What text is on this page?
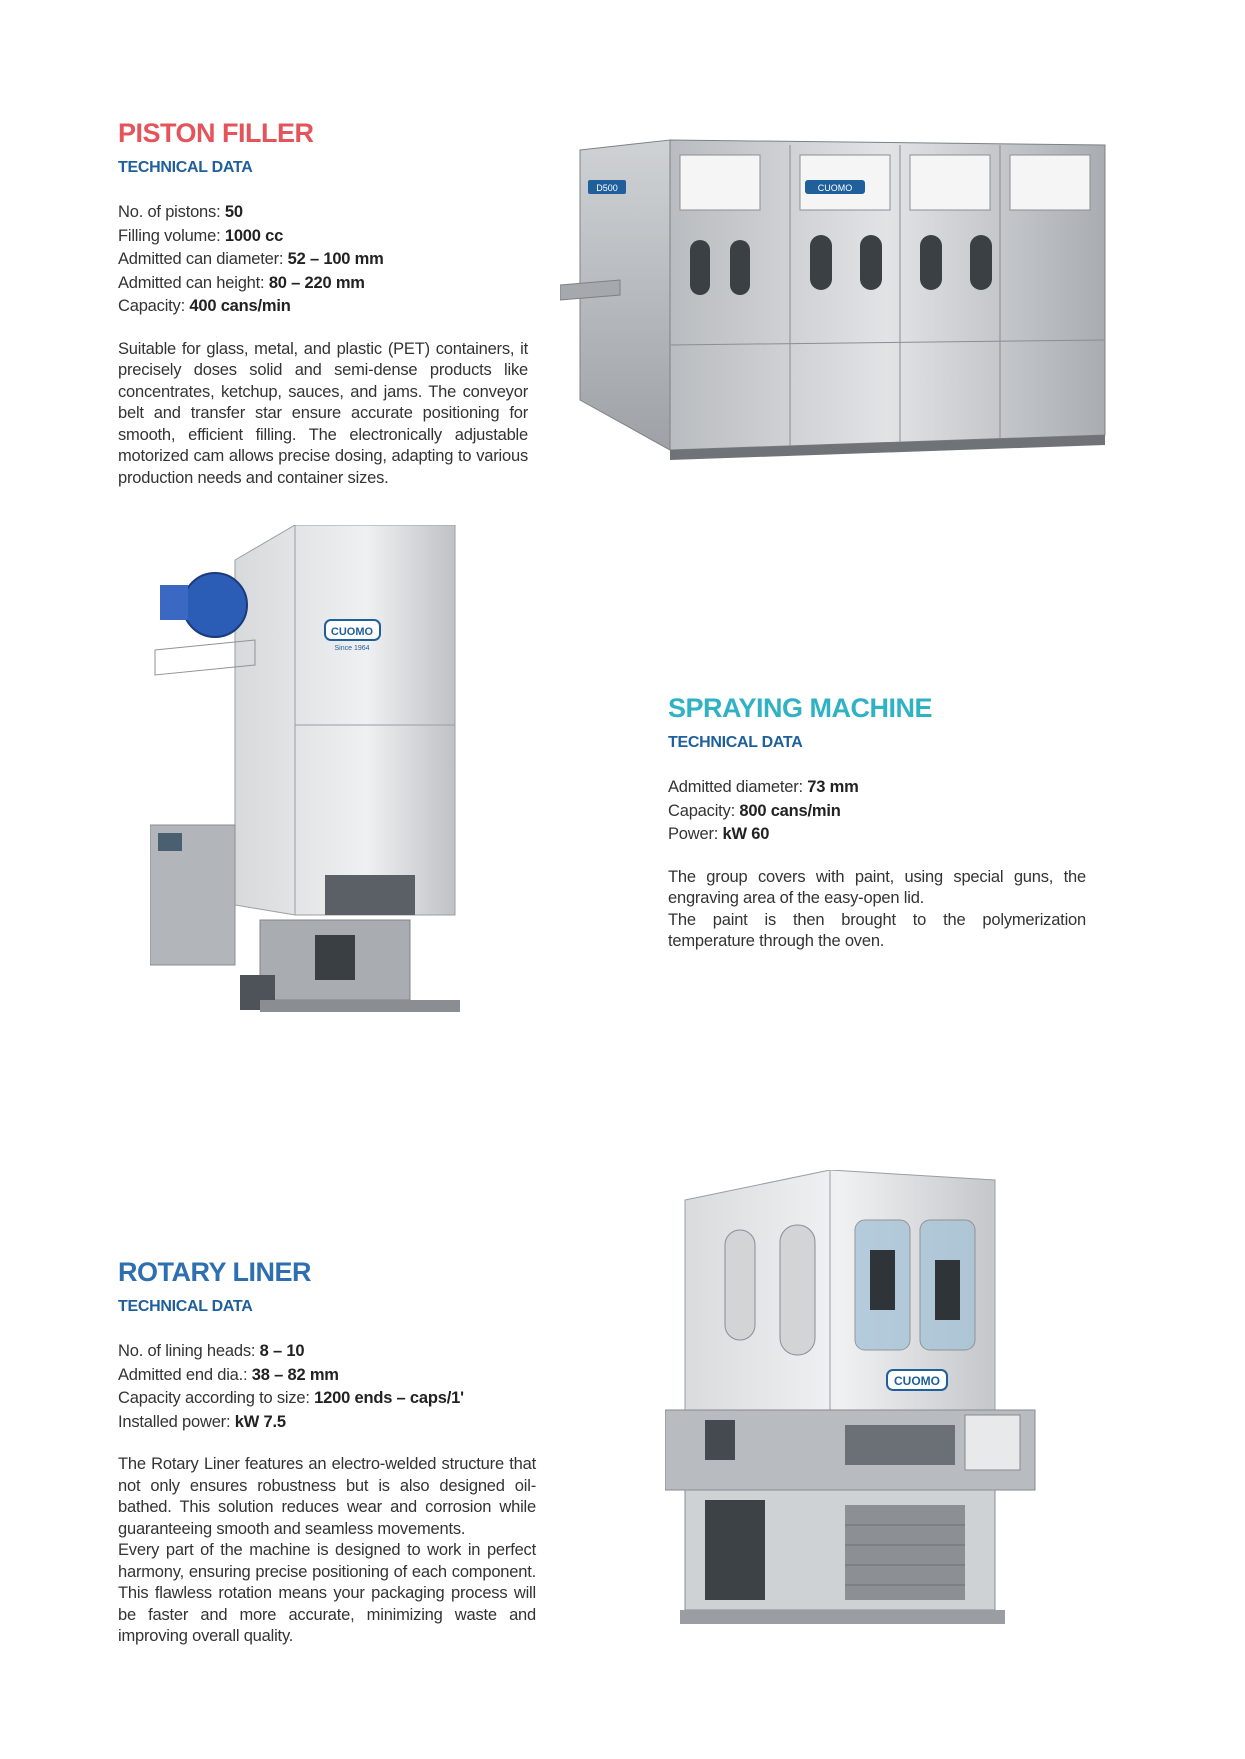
PISTON FILLER
TECHNICAL DATA
No. of pistons: 50
Filling volume: 1000 cc
Admitted can diameter: 52 – 100 mm
Admitted can height: 80 – 220 mm
Capacity: 400 cans/min

Suitable for glass, metal, and plastic (PET) containers, it precisely doses solid and semi-dense products like concentrates, ketchup, sauces, and jams. The conveyor belt and transfer star ensure accurate positioning for smooth, efficient filling. The electronically adjustable motorized cam allows precise dosing, adapting to various production needs and container sizes.

CUOMO
D500
CUOMO
Since 1964
SPRAYING MACHINE
TECHNICAL DATA
Admitted diameter: 73 mm
Capacity: 800 cans/min
Power: kW 60

The group covers with paint, using special guns, the engraving area of the easy-open lid.

The paint is then brought to the polymerization temperature through the oven.

ROTARY LINER
TECHNICAL DATA
No. of lining heads: 8 – 10
Admitted end dia.: 38 – 82 mm
Capacity according to size: 1200 ends – caps/1'
Installed power: kW 7.5

The Rotary Liner features an electro-welded structure that not only ensures robustness but is also designed oil-bathed. This solution reduces wear and corrosion while guaranteeing smooth and seamless movements.

Every part of the machine is designed to work in perfect harmony, ensuring precise positioning of each component. This flawless rotation means your packaging process will be faster and more accurate, minimizing waste and improving overall quality.

CUOMO
